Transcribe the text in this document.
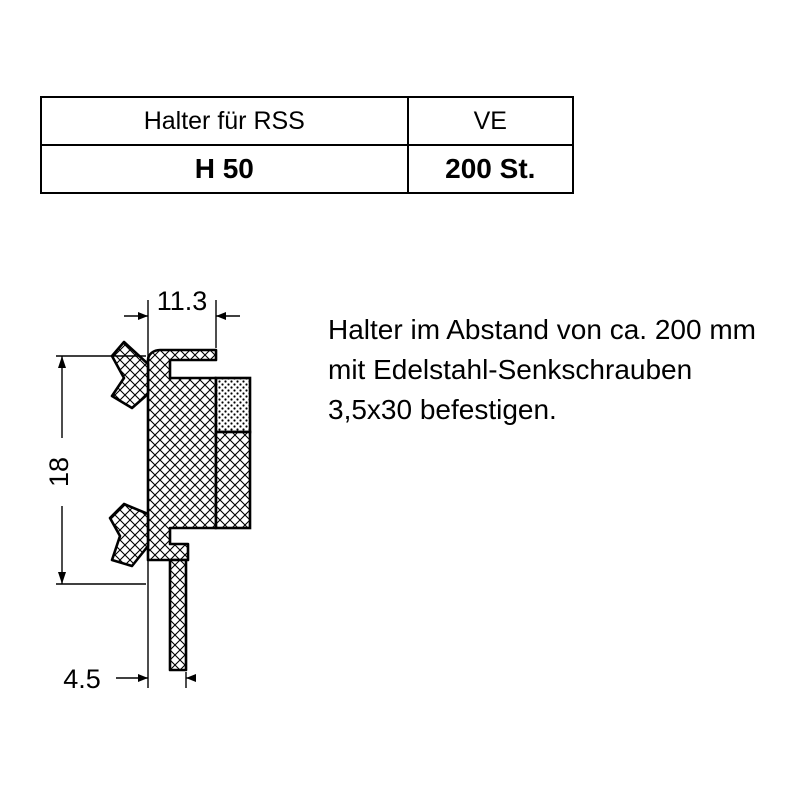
Halter für RSS	VE
H 50	200 St.
11.3
18
4.5
Halter im Abstand von ca. 200 mm mit Edelstahl-Senkschrauben 3,5x30 befestigen.
